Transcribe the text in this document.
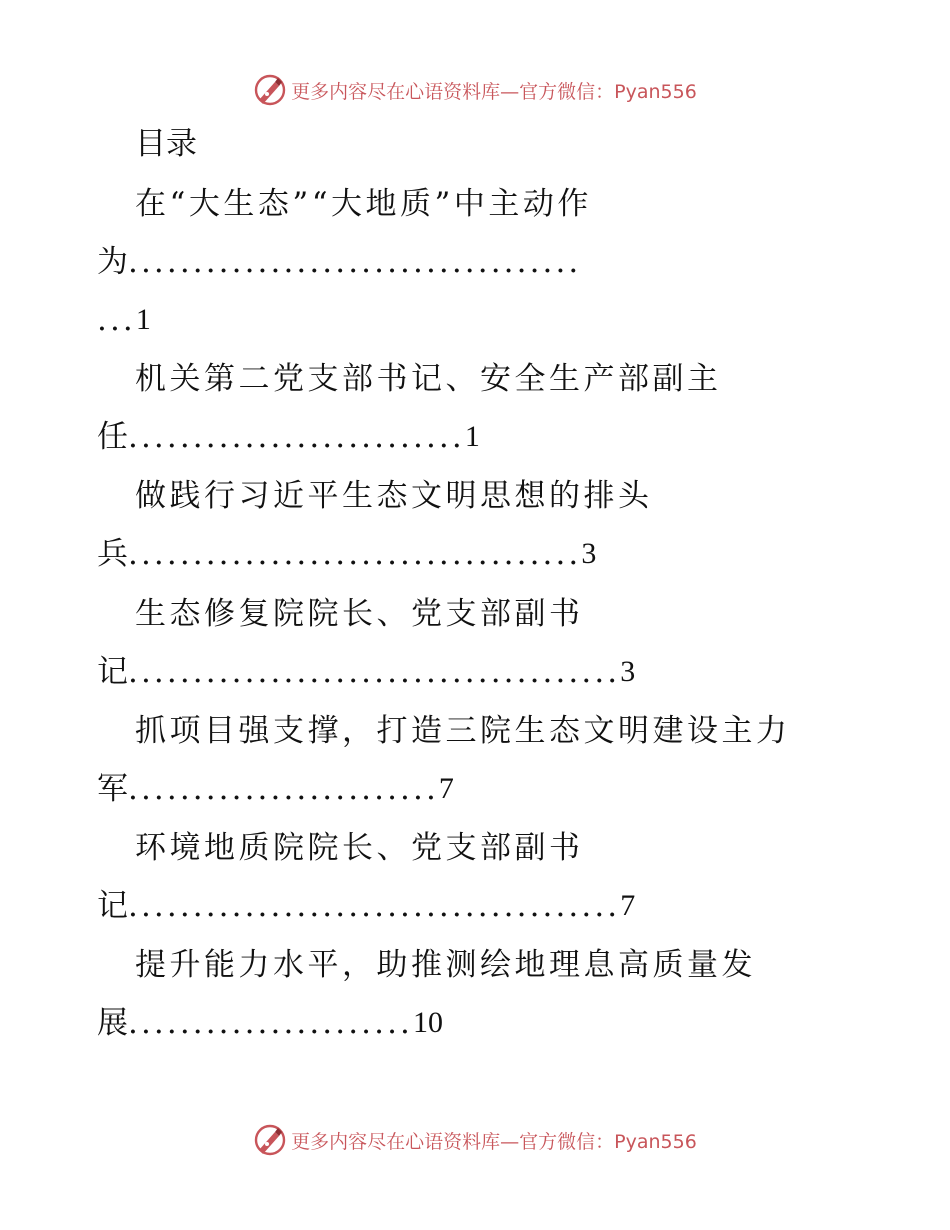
更多内容尽在心语资料库—官方微信：Pyan556
目录
在“大生态”“大地质”中主动作
为 ...................................
... 1
机关第二党支部书记、安全生产部副主
任 .......................... 1
做践行习近平生态文明思想的排头
兵 ................................... 3
生态修复院院长、党支部副书
记 ...................................... 3
抓项目强支撑，打造三院生态文明建设主力
军 ........................ 7
环境地质院院长、党支部副书
记 ...................................... 7
提升能力水平，助推测绘地理息高质量发
展 ...................... 10
更多内容尽在心语资料库—官方微信：Pyan556
